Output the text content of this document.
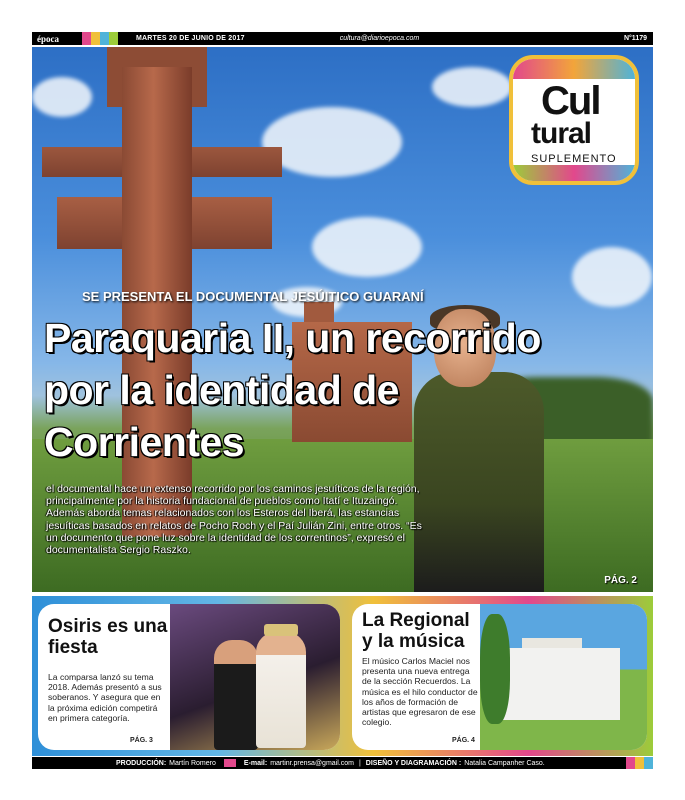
época	MARTES 20 DE JUNIO DE 2017	cultura@diarioepoca.com	N°1179
Cul
tural
SUPLEMENTO
SE PRESENTA EL DOCUMENTAL JESÚITICO GUARANÍ
Paraquaria II, un recorrido por la identidad de Corrientes
el documental hace un extenso recorrido por los caminos jesuíticos de la región, principalmente por la historia fundacional de pueblos como Itatí e Ituzaingó. Además aborda temas relacionados con los Esteros del Iberá, las estancias jesuíticas basados en relatos de Pocho Roch y el Paí Julián Zini, entre otros. “Es un documento que pone luz sobre la identidad de los correntinos”, expresó el documentalista Sergio Raszko.
PÁG. 2
Osiris es una fiesta
La comparsa lanzó su tema 2018. Además presentó a sus soberanos. Y asegura que en la próxima edición competirá en primera categoría.
PÁG. 3
La Regional y la música
El músico Carlos Maciel nos presenta una nueva entrega de la sección Recuerdos. La música es el hilo conductor de los años de formación de artistas que egresaron de ese colegio.
PÁG. 4
PRODUCCIÓN: Martín Romero	E-mail: martinr.prensa@gmail.com | DISEÑO Y DIAGRAMACIÓN : Natalia Campanher Caso.
